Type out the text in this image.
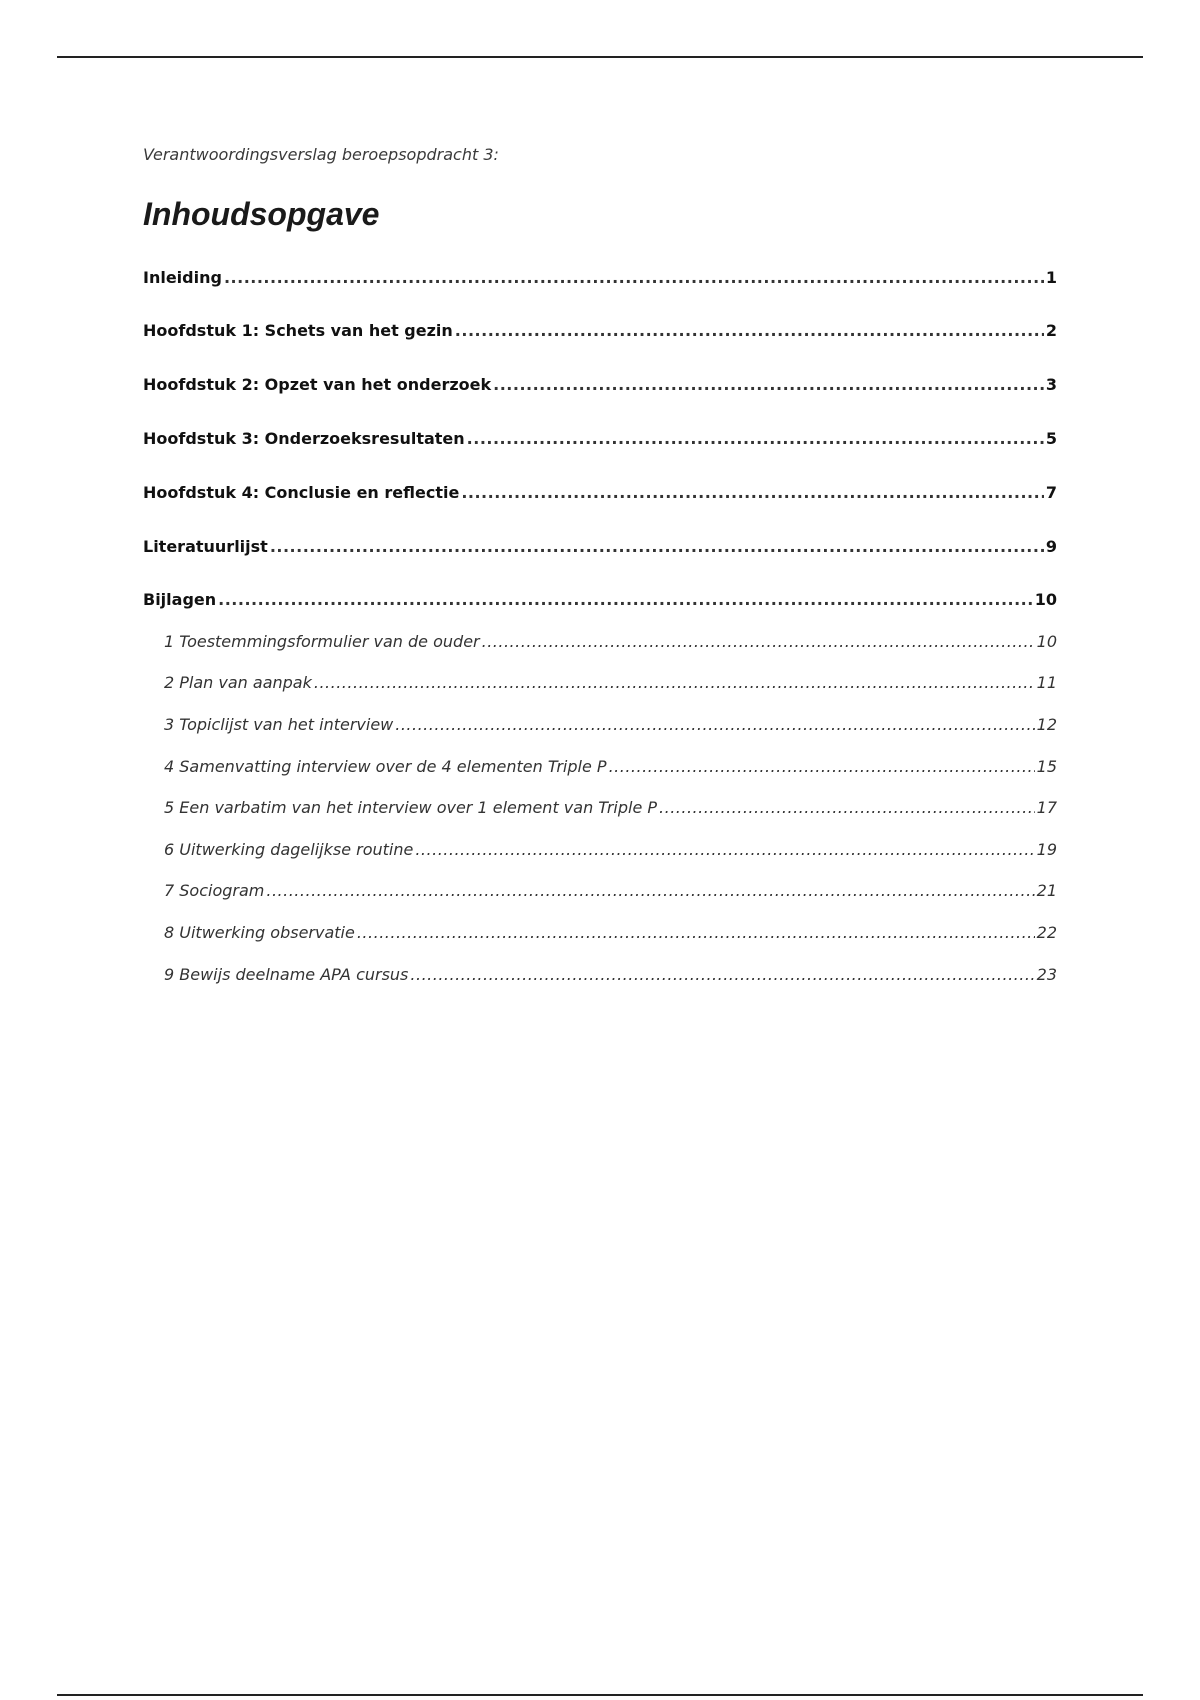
Verantwoordingsverslag beroepsopdracht 3:

Inhoudsopgave
Inleiding .....	1
Hoofdstuk 1: Schets van het gezin .....	2
Hoofdstuk 2: Opzet van het onderzoek .....	3
Hoofdstuk 3: Onderzoeksresultaten .....	5
Hoofdstuk 4: Conclusie en reflectie .....	7
Literatuurlijst .....	9
Bijlagen .....	10
1 Toestemmingsformulier van de ouder .....	10
2 Plan van aanpak .....	11
3 Topiclijst van het interview .....	12
4 Samenvatting interview over de 4 elementen Triple P .....	15
5 Een varbatim van het interview over 1 element van Triple P .....	17
6 Uitwerking dagelijkse routine .....	19
7 Sociogram .....	21
8 Uitwerking observatie .....	22
9 Bewijs deelname APA cursus .....	23
